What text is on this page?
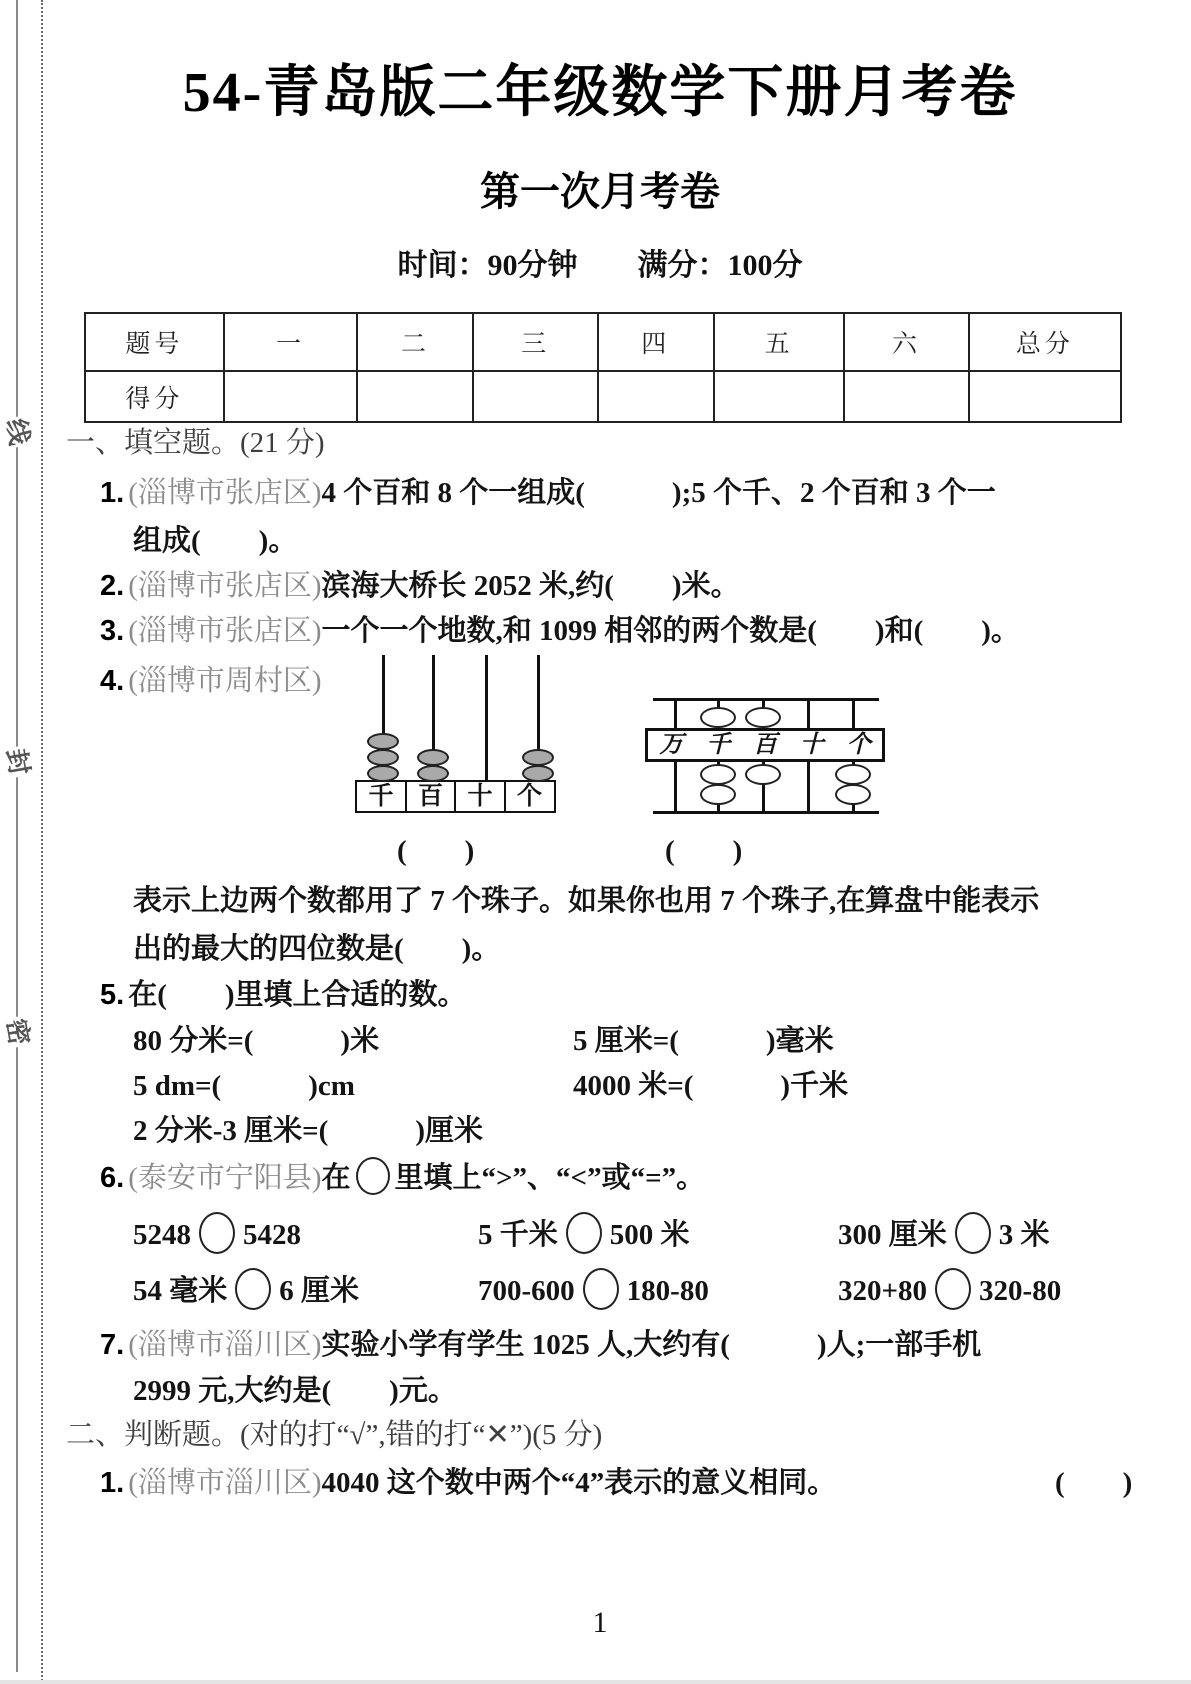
线
封
密
54-青岛版二年级数学下册月考卷
第一次月考卷
时间：90分钟　　满分：100分
题号	一	二	三	四	五	六	总分
得分							
一、填空题。(21 分)
1. (淄博市张店区)4 个百和 8 个一组成(　　　);5 个千、2 个百和 3 个一
组成(　　)。
2. (淄博市张店区)滨海大桥长 2052 米,约(　　)米。
3. (淄博市张店区)一个一个地数,和 1099 相邻的两个数是(　　)和(　　)。
4. (淄博市周村区)
千 百 十 个
万 千 百 十 个
(　　)	(　　)
表示上边两个数都用了 7 个珠子。如果你也用 7 个珠子,在算盘中能表示
出的最大的四位数是(　　)。
5. 在(　　)里填上合适的数。
80 分米=(　　　)米	5 厘米=(　　　)毫米
5 dm=(　　　)cm	4000 米=(　　　)千米
2 分米-3 厘米=(　　　)厘米
6. (泰安市宁阳县)在 里填上“>”、“<”或“=”。
5248 5428	5 千米 500 米	300 厘米 3 米
54 毫米 6 厘米	700-600 180-80	320+80 320-80
7. (淄博市淄川区)实验小学有学生 1025 人,大约有(　　　)人;一部手机
2999 元,大约是(　　)元。
二、判断题。(对的打“√”,错的打“✕”)(5 分)
1. (淄博市淄川区)4040 这个数中两个“4”表示的意义相同。	(　　)
1
